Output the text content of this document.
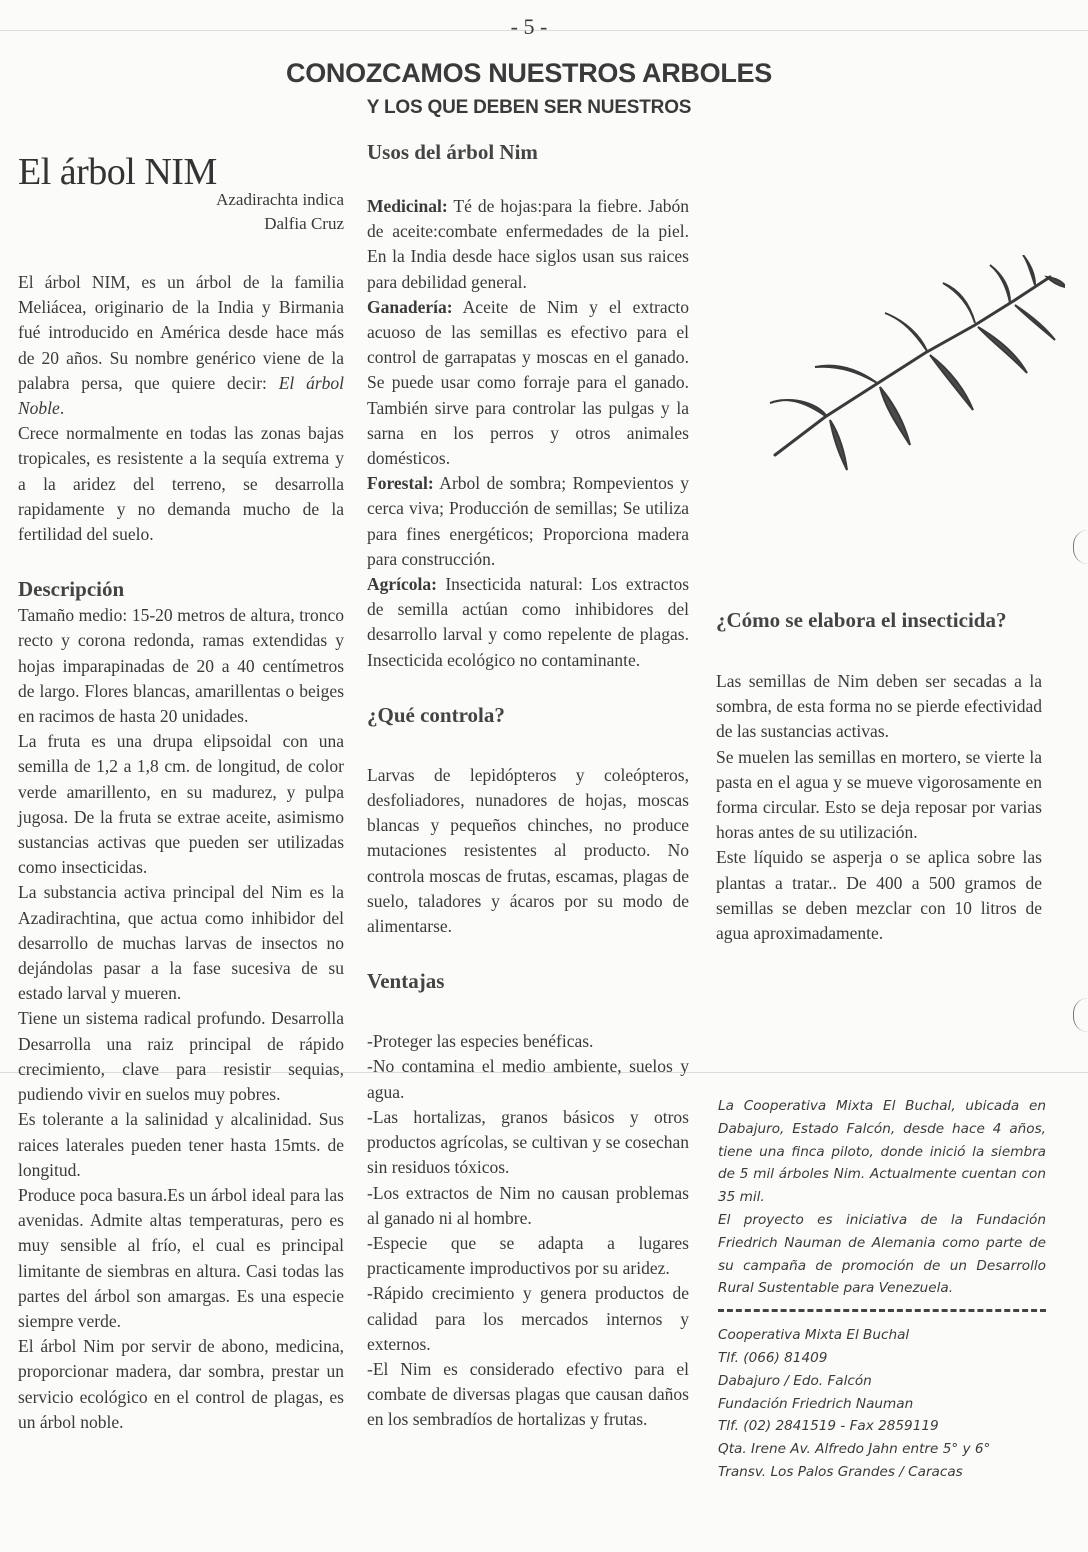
- 5 -
CONOZCAMOS NUESTROS ARBOLES
Y LOS QUE DEBEN SER NUESTROS
El árbol NIM

Azadirachta indica

Dalfia Cruz

El árbol NIM, es un árbol de la familia Meliácea, originario de la India y Birmania fué introducido en América desde hace más de 20 años. Su nombre genérico viene de la palabra persa, que quiere decir: El árbol Noble.

Crece normalmente en todas las zonas bajas tropicales, es resistente a la sequía extrema y a la aridez del terreno, se desarrolla rapidamente y no demanda mucho de la fertilidad del suelo.

Descripción

Tamaño medio: 15-20 metros de altura, tronco recto y corona redonda, ramas extendidas y hojas imparapinadas de 20 a 40 centímetros de largo. Flores blancas, amarillentas o beiges en racimos de hasta 20 unidades.

La fruta es una drupa elipsoidal con una semilla de 1,2 a 1,8 cm. de longitud, de color verde amarillento, en su madurez, y pulpa jugosa. De la fruta se extrae aceite, asimismo sustancias activas que pueden ser utilizadas como insecticidas.

La substancia activa principal del Nim es la Azadirachtina, que actua como inhibidor del desarrollo de muchas larvas de insectos no dejándolas pasar a la fase sucesiva de su estado larval y mueren.

Tiene un sistema radical profundo. Desarrolla Desarrolla una raiz principal de rápido crecimiento, clave para resistir sequias, pudiendo vivir en suelos muy pobres.

Es tolerante a la salinidad y alcalinidad. Sus raices laterales pueden tener hasta 15mts. de longitud.

Produce poca basura.Es un árbol ideal para las avenidas. Admite altas temperaturas, pero es muy sensible al frío, el cual es principal limitante de siembras en altura. Casi todas las partes del árbol son amargas. Es una especie siempre verde.

El árbol Nim por servir de abono, medicina, proporcionar madera, dar sombra, prestar un servicio ecológico en el control de plagas, es un árbol noble.

Usos del árbol Nim

Medicinal: Té de hojas:para la fiebre. Jabón de aceite:combate enfermedades de la piel. En la India desde hace siglos usan sus raices para debilidad general.

Ganadería: Aceite de Nim y el extracto acuoso de las semillas es efectivo para el control de garrapatas y moscas en el ganado. Se puede usar como forraje para el ganado. También sirve para controlar las pulgas y la sarna en los perros y otros animales domésticos.

Forestal: Arbol de sombra; Rompevientos y cerca viva; Producción de semillas; Se utiliza para fines energéticos; Proporciona madera para construcción.

Agrícola: Insecticida natural: Los extractos de semilla actúan como inhibidores del desarrollo larval y como repelente de plagas. Insecticida ecológico no contaminante.

¿Qué controla?

Larvas de lepidópteros y coleópteros, desfoliadores, nunadores de hojas, moscas blancas y pequeños chinches, no produce mutaciones resistentes al producto. No controla moscas de frutas, escamas, plagas de suelo, taladores y ácaros por su modo de alimentarse.

Ventajas

-Proteger las especies benéficas.

-No contamina el medio ambiente, suelos y agua.

-Las hortalizas, granos básicos y otros productos agrícolas, se cultivan y se cosechan sin residuos tóxicos.

-Los extractos de Nim no causan problemas al ganado ni al hombre.

-Especie que se adapta a lugares practicamente improductivos por su aridez.

-Rápido crecimiento y genera productos de calidad para los mercados internos y externos.

-El Nim es considerado efectivo para el combate de diversas plagas que causan daños en los sembradíos de hortalizas y frutas.

¿Cómo se elabora el insecticida?

Las semillas de Nim deben ser secadas a la sombra, de esta forma no se pierde efectividad de las sustancias activas.

Se muelen las semillas en mortero, se vierte la pasta en el agua y se mueve vigorosamente en forma circular. Esto se deja reposar por varias horas antes de su utilización.

Este líquido se asperja o se aplica sobre las plantas a tratar.. De 400 a 500 gramos de semillas se deben mezclar con 10 litros de agua aproximadamente.

La Cooperativa Mixta El Buchal, ubicada en Dabajuro, Estado Falcón, desde hace 4 años, tiene una finca piloto, donde inició la siembra de 5 mil árboles Nim. Actualmente cuentan con 35 mil.

El proyecto es iniciativa de la Fundación Friedrich Nauman de Alemania como parte de su campaña de promoción de un Desarrollo Rural Sustentable para Venezuela.

Cooperativa Mixta El Buchal

Tlf. (066) 81409

Dabajuro / Edo. Falcón

Fundación Friedrich Nauman

Tlf. (02) 2841519 - Fax 2859119

Qta. Irene Av. Alfredo Jahn entre 5° y 6°

Transv. Los Palos Grandes / Caracas
